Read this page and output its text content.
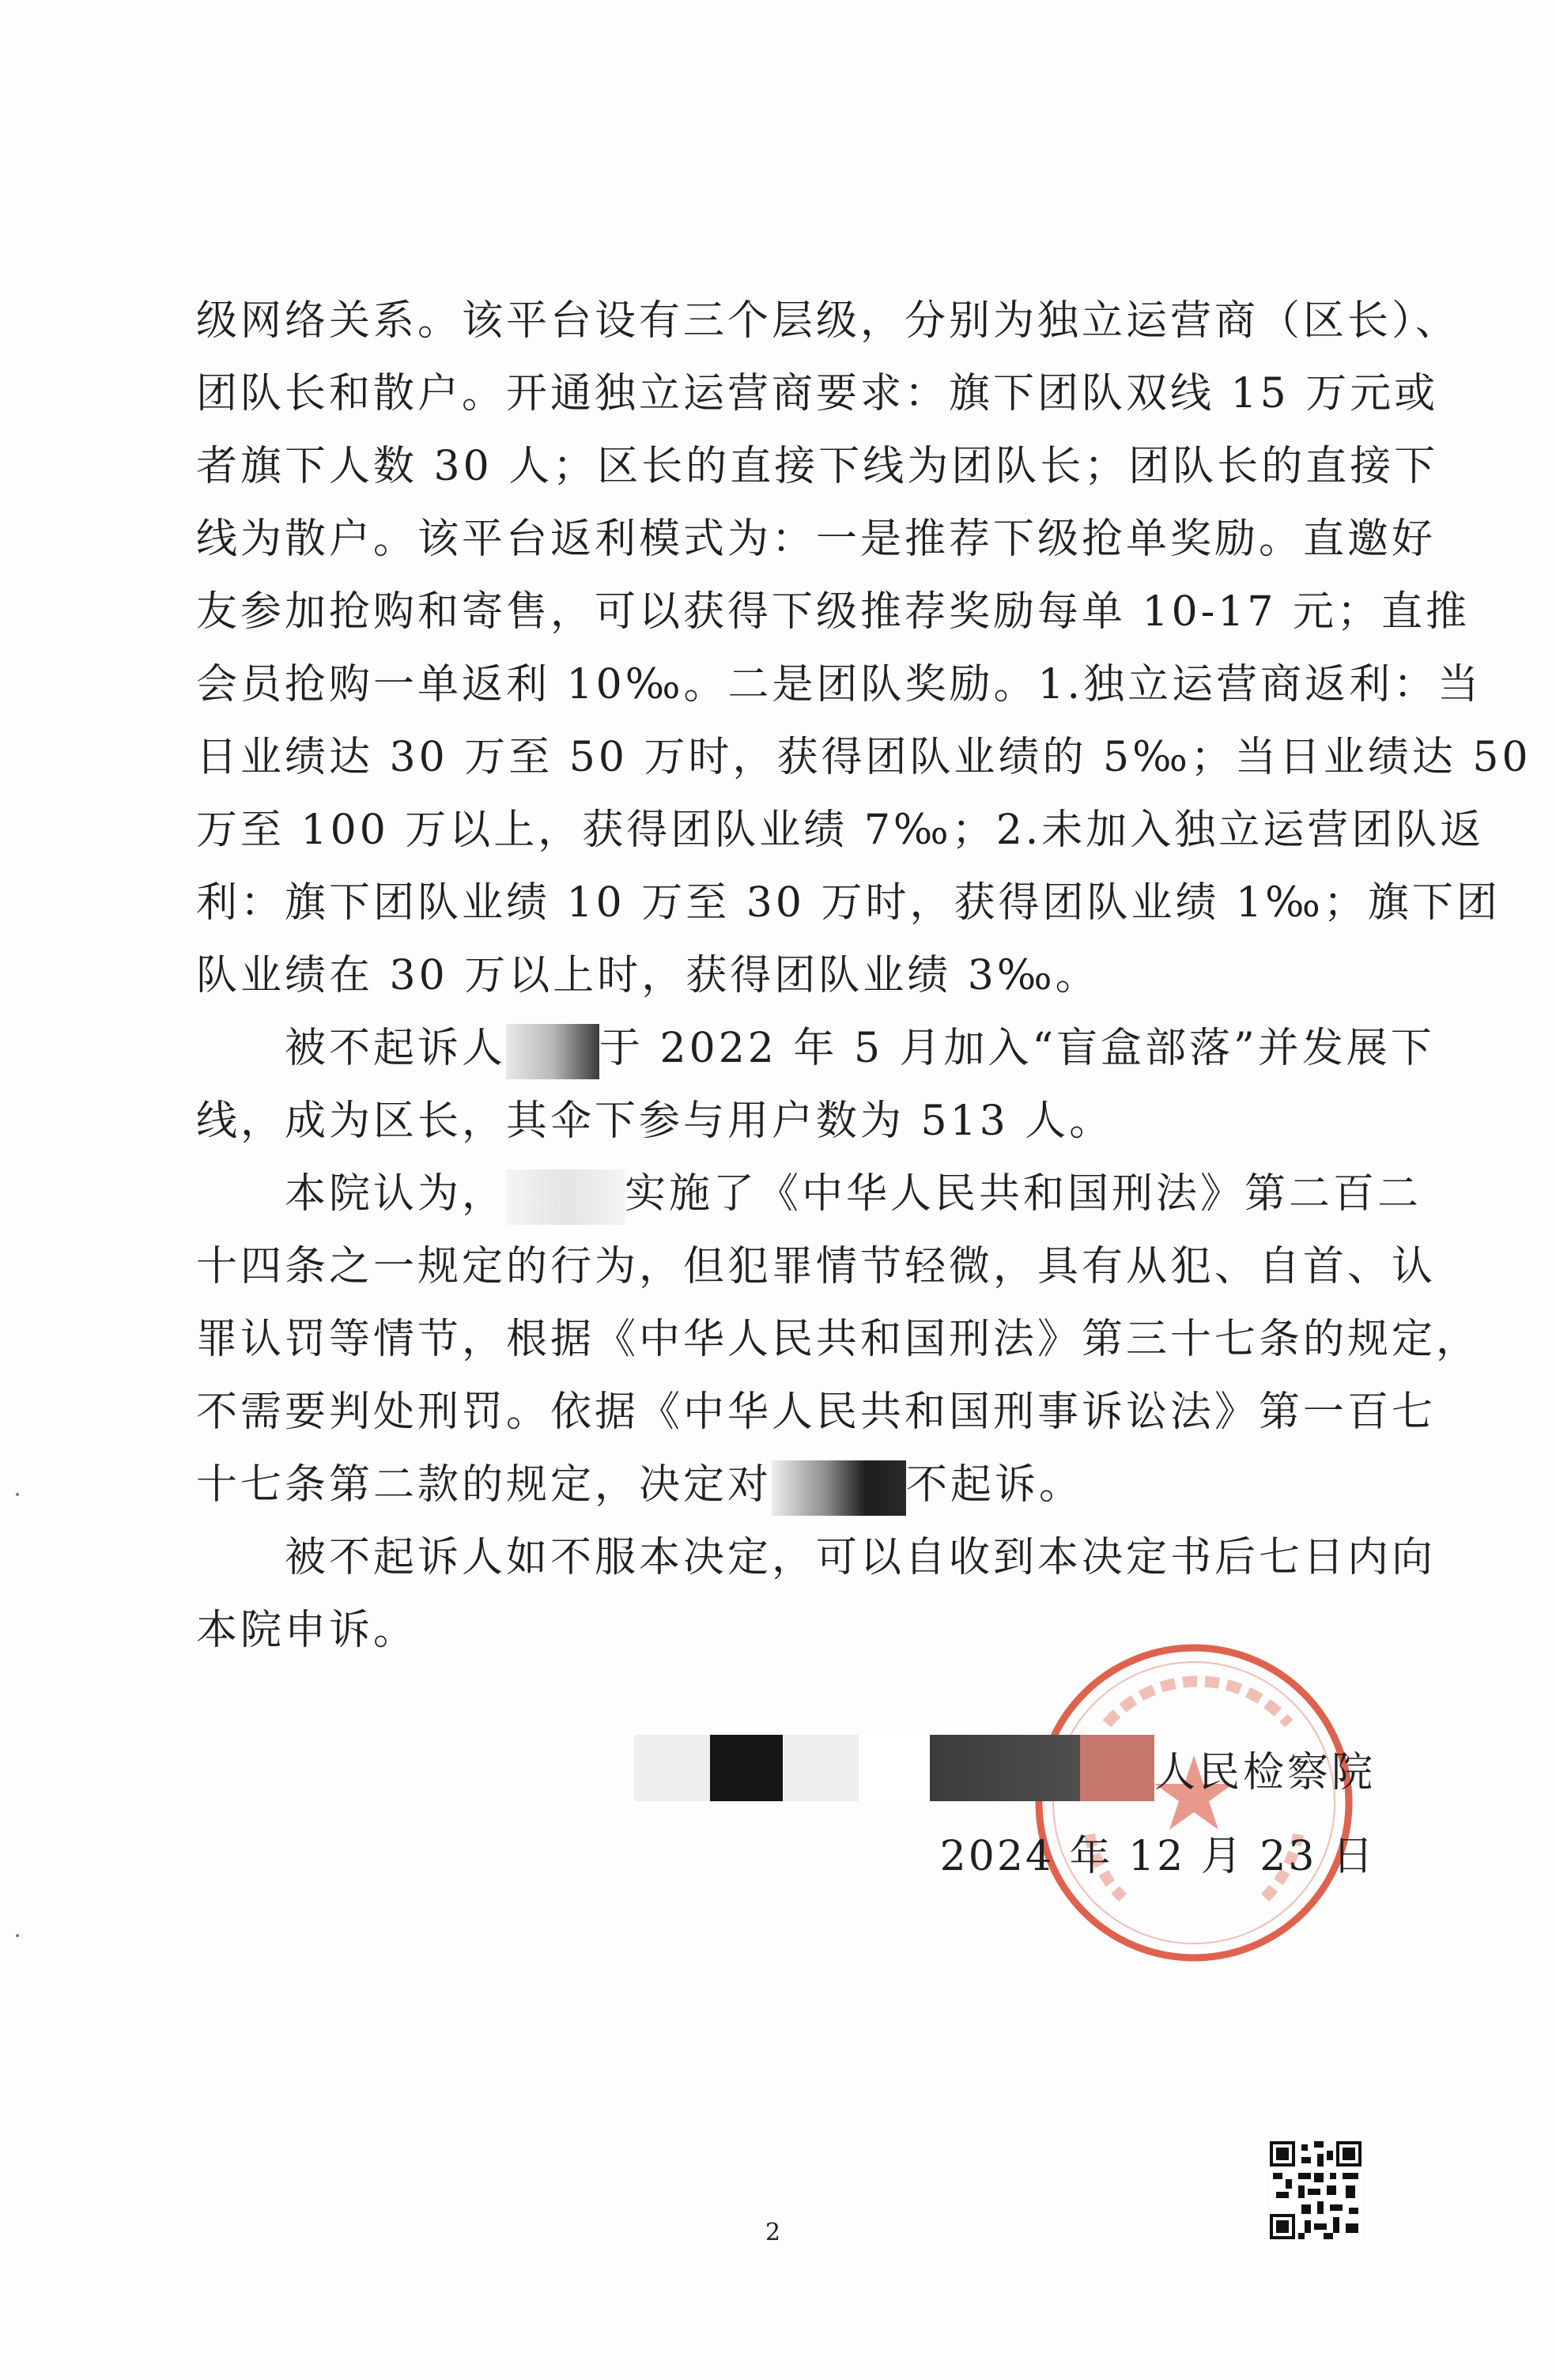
级网络关系。该平台设有三个层级，分别为独立运营商（区长）、
团队长和散户。开通独立运营商要求：旗下团队双线 15 万元或
者旗下人数 30 人；区长的直接下线为团队长；团队长的直接下
线为散户。该平台返利模式为：一是推荐下级抢单奖励。直邀好
友参加抢购和寄售，可以获得下级推荐奖励每单 10-17 元；直推
会员抢购一单返利 10‰。二是团队奖励。1.独立运营商返利：当
日业绩达 30 万至 50 万时，获得团队业绩的 5‰；当日业绩达 50
万至 100 万以上，获得团队业绩 7‰；2.未加入独立运营团队返
利：旗下团队业绩 10 万至 30 万时，获得团队业绩 1‰；旗下团
队业绩在 30 万以上时，获得团队业绩 3‰。
被不起诉人 于 2022 年 5 月加入“盲盒部落”并发展下
线，成为区长，其伞下参与用户数为 513 人。
本院认为，	实施了《中华人民共和国刑法》第二百二
十四条之一规定的行为，但犯罪情节轻微，具有从犯、自首、认
罪认罚等情节，根据《中华人民共和国刑法》第三十七条的规定，
不需要判处刑罚。依据《中华人民共和国刑事诉讼法》第一百七
十七条第二款的规定，决定对	不起诉。
被不起诉人如不服本决定，可以自收到本决定书后七日内向
本院申诉。
人民检察院
2024 年 12 月 23 日
2
